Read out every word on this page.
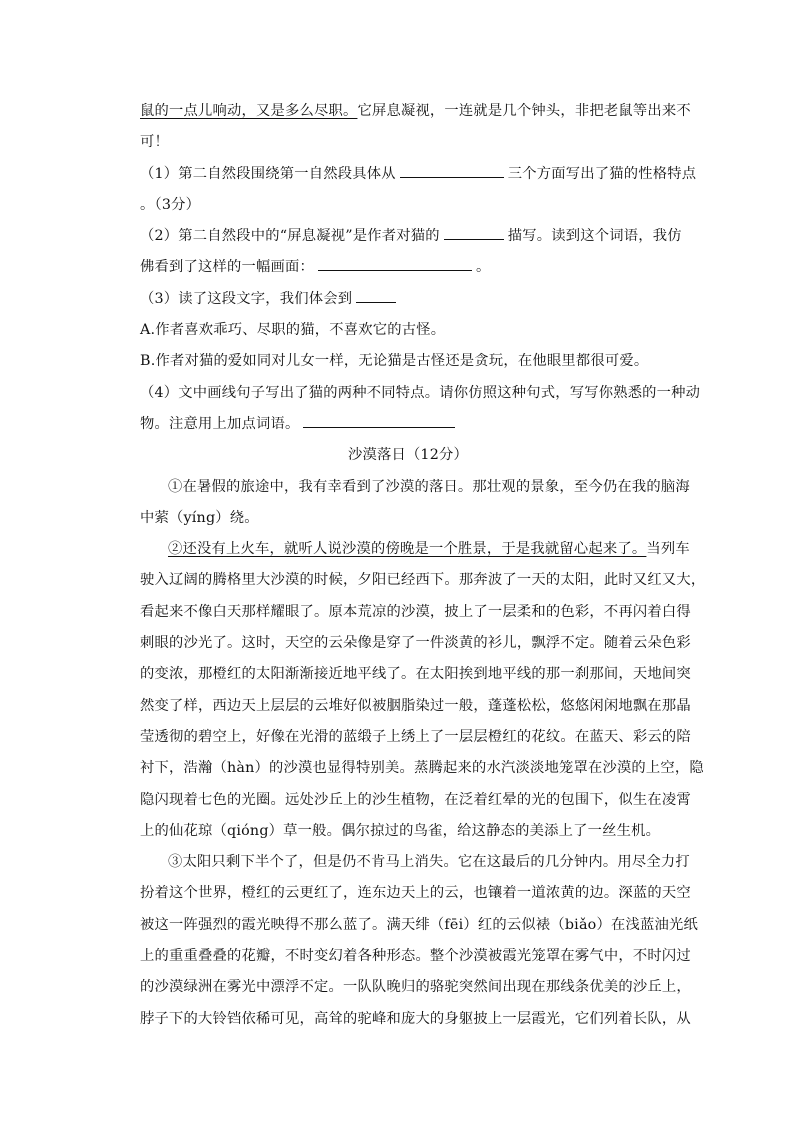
鼠的一点儿响动，又是多么尽职。它屏息凝视，一连就是几个钟头，非把老鼠等出来不
可！
（1）第二自然段围绕第一自然段具体从	三个方面写出了猫的性格特点
。（3分）
（2）第二自然段中的“屏息凝视”是作者对猫的	描写。读到这个词语，我仿
佛看到了这样的一幅画面：	。
（3）读了这段文字，我们体会到
A.作者喜欢乖巧、尽职的猫，不喜欢它的古怪。
B.作者对猫的爱如同对儿女一样，无论猫是古怪还是贪玩，在他眼里都很可爱。
（4）文中画线句子写出了猫的两种不同特点。请你仿照这种句式，写写你熟悉的一种动
物。注意用上加点词语。
沙漠落日（12分）
①在暑假的旅途中，我有幸看到了沙漠的落日。那壮观的景象，至今仍在我的脑海
中萦（yíng）绕。
②还没有上火车，就听人说沙漠的傍晚是一个胜景，于是我就留心起来了。当列车
驶入辽阔的腾格里大沙漠的时候，夕阳已经西下。那奔波了一天的太阳，此时又红又大，
看起来不像白天那样耀眼了。原本荒凉的沙漠，披上了一层柔和的色彩，不再闪着白得
刺眼的沙光了。这时，天空的云朵像是穿了一件淡黄的衫儿，飘浮不定。随着云朵色彩
的变浓，那橙红的太阳渐渐接近地平线了。在太阳挨到地平线的那一刹那间，天地间突
然变了样，西边天上层层的云堆好似被胭脂染过一般，蓬蓬松松，悠悠闲闲地飘在那晶
莹透彻的碧空上，好像在光滑的蓝缎子上绣上了一层层橙红的花纹。在蓝天、彩云的陪
衬下，浩瀚（hàn）的沙漠也显得特别美。蒸腾起来的水汽淡淡地笼罩在沙漠的上空，隐
隐闪现着七色的光圈。远处沙丘上的沙生植物，在泛着红晕的光的包围下，似生在凌霄
上的仙花琼（qióng）草一般。偶尔掠过的鸟雀，给这静态的美添上了一丝生机。
③太阳只剩下半个了，但是仍不肯马上消失。它在这最后的几分钟内。用尽全力打
扮着这个世界，橙红的云更红了，连东边天上的云，也镶着一道浓黄的边。深蓝的天空
被这一阵强烈的霞光映得不那么蓝了。满天绯（fēi）红的云似裱（biǎo）在浅蓝油光纸
上的重重叠叠的花瓣，不时变幻着各种形态。整个沙漠被霞光笼罩在雾气中，不时闪过
的沙漠绿洲在雾光中漂浮不定。一队队晚归的骆驼突然间出现在那线条优美的沙丘上，
脖子下的大铃铛依稀可见，高耸的驼峰和庞大的身躯披上一层霞光，它们列着长队，从
